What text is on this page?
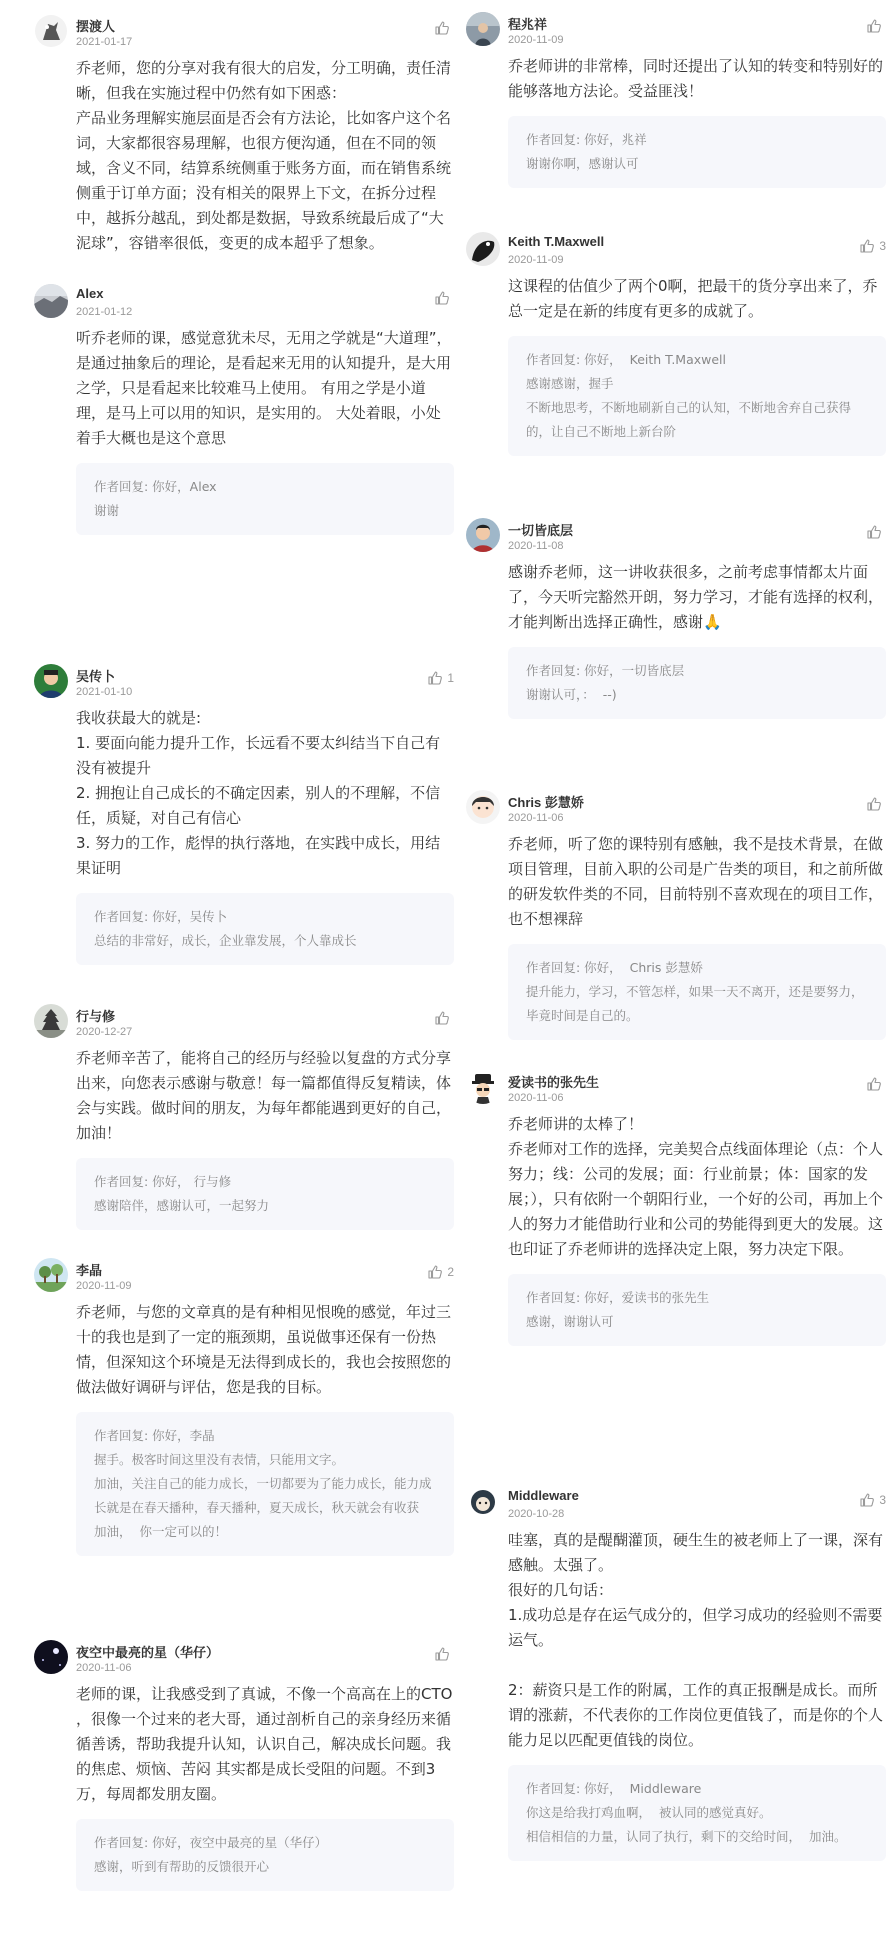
摆渡人
2021-01-17
乔老师，您的分享对我有很大的启发，分工明确，责任清晰，但我在实施过程中仍然有如下困惑：
产品业务理解实施层面是否会有方法论，比如客户这个名词，大家都很容易理解，也很方便沟通，但在不同的领域，含义不同，结算系统侧重于账务方面，而在销售系统侧重于订单方面；没有相关的限界上下文，在拆分过程中，越拆分越乱，到处都是数据，导致系统最后成了“大泥球”，容错率很低，变更的成本超乎了想象。
Alex
2021-01-12
听乔老师的课，感觉意犹未尽，无用之学就是“大道理”，是通过抽象后的理论，是看起来无用的认知提升，是大用之学，只是看起来比较难马上使用。 有用之学是小道理，是马上可以用的知识，是实用的。 大处着眼，小处着手大概也是这个意思
作者回复: 你好，Alex
谢谢
吴传卜
2021-01-10
1
我收获最大的就是:
1. 要面向能力提升工作，长远看不要太纠结当下自己有没有被提升
2. 拥抱让自己成长的不确定因素，别人的不理解，不信任，质疑，对自己有信心
3. 努力的工作，彪悍的执行落地，在实践中成长，用结果证明
作者回复: 你好，吴传卜
总结的非常好，成长，企业靠发展，个人靠成长
行与修
2020-12-27
乔老师辛苦了，能将自己的经历与经验以复盘的方式分享出来，向您表示感谢与敬意！每一篇都值得反复精读，体会与实践。做时间的朋友，为每年都能遇到更好的自己，加油！
作者回复: 你好， 行与修
感谢陪伴，感谢认可，一起努力
李晶
2020-11-09
2
乔老师，与您的文章真的是有种相见恨晚的感觉，年过三十的我也是到了一定的瓶颈期，虽说做事还保有一份热情，但深知这个环境是无法得到成长的，我也会按照您的做法做好调研与评估，您是我的目标。
作者回复: 你好，李晶
握手。极客时间这里没有表情，只能用文字。
加油，关注自己的能力成长，一切都要为了能力成长，能力成长就是在春天播种，春天播种，夏天成长，秋天就会有收获
加油，  你一定可以的！
夜空中最亮的星（华仔）
2020-11-06
老师的课，让我感受到了真诚，不像一个高高在上的CTO ，很像一个过来的老大哥，通过剖析自己的亲身经历来循循善诱，帮助我提升认知，认识自己，解决成长问题。我的焦虑、烦恼、苦闷 其实都是成长受阻的问题。不到3万，每周都发朋友圈。
作者回复: 你好，夜空中最亮的星（华仔）
感谢，听到有帮助的反馈很开心
程兆祥
2020-11-09
乔老师讲的非常棒，同时还提出了认知的转变和特别好的能够落地方法论。受益匪浅！
作者回复: 你好，兆祥
谢谢你啊，感谢认可
Keith T.Maxwell
2020-11-09
3
这课程的估值少了两个0啊，把最干的货分享出来了，乔总一定是在新的纬度有更多的成就了。
作者回复: 你好，  Keith T.Maxwell
感谢感谢，握手
不断地思考，不断地刷新自己的认知，不断地舍弃自己获得的，让自己不断地上新台阶
一切皆底层
2020-11-08
感谢乔老师，这一讲收获很多，之前考虑事情都太片面了，今天听完豁然开朗，努力学习，才能有选择的权利，才能判断出选择正确性，感谢🙏
作者回复: 你好，一切皆底层
谢谢认可，：  --)
Chris 彭慧娇
2020-11-06
乔老师，听了您的课特别有感触，我不是技术背景，在做项目管理，目前入职的公司是广告类的项目，和之前所做的研发软件类的不同，目前特别不喜欢现在的项目工作，也不想裸辞
作者回复: 你好，  Chris 彭慧娇
提升能力，学习，不管怎样，如果一天不离开，还是要努力，毕竟时间是自己的。
爱读书的张先生
2020-11-06
乔老师讲的太棒了！
乔老师对工作的选择，完美契合点线面体理论（点：个人努力；线：公司的发展；面：行业前景；体：国家的发展；），只有依附一个朝阳行业，一个好的公司，再加上个人的努力才能借助行业和公司的势能得到更大的发展。这也印证了乔老师讲的选择决定上限，努力决定下限。
作者回复: 你好，爱读书的张先生
感谢，谢谢认可
Middleware
2020-10-28
3
哇塞，真的是醍醐灌顶，硬生生的被老师上了一课，深有感触。太强了。
很好的几句话：
1.成功总是存在运气成分的，但学习成功的经验则不需要运气。

2：薪资只是工作的附属，工作的真正报酬是成长。而所谓的涨薪，不代表你的工作岗位更值钱了，而是你的个人能力足以匹配更值钱的岗位。
作者回复: 你好，  Middleware
你这是给我打鸡血啊，  被认同的感觉真好。
相信相信的力量，认同了执行，剩下的交给时间，  加油。
